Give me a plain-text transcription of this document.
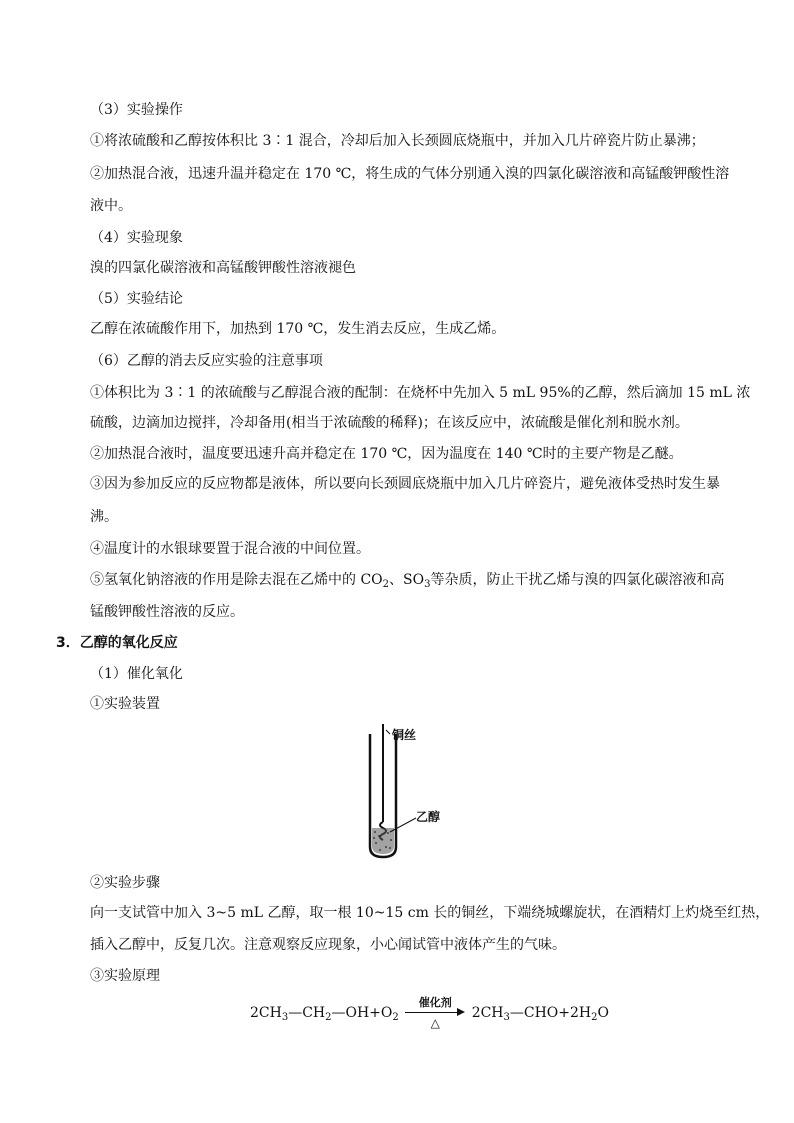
（3）实验操作
①将浓硫酸和乙醇按体积比 3∶1 混合，冷却后加入长颈圆底烧瓶中，并加入几片碎瓷片防止暴沸；
②加热混合液，迅速升温并稳定在 170 ℃，将生成的气体分别通入溴的四氯化碳溶液和高锰酸钾酸性溶
液中。
（4）实验现象
溴的四氯化碳溶液和高锰酸钾酸性溶液褪色
（5）实验结论
乙醇在浓硫酸作用下，加热到 170 ℃，发生消去反应，生成乙烯。
（6）乙醇的消去反应实验的注意事项
①体积比为 3∶1 的浓硫酸与乙醇混合液的配制：在烧杯中先加入 5 mL 95%的乙醇，然后滴加 15 mL 浓
硫酸，边滴加边搅拌，冷却备用(相当于浓硫酸的稀释)；在该反应中，浓硫酸是催化剂和脱水剂。
②加热混合液时，温度要迅速升高并稳定在 170 ℃，因为温度在 140 ℃时的主要产物是乙醚。
③因为参加反应的反应物都是液体，所以要向长颈圆底烧瓶中加入几片碎瓷片，避免液体受热时发生暴
沸。
④温度计的水银球要置于混合液的中间位置。
⑤氢氧化钠溶液的作用是除去混在乙烯中的 $CO_2$、$SO_3$等杂质，防止干扰乙烯与溴的四氯化碳溶液和高
锰酸钾酸性溶液的反应。
3．乙醇的氧化反应
（1）催化氧化
①实验装置
铜丝
乙醇
②实验步骤
向一支试管中加入 3~5 mL 乙醇，取一根 10~15 cm 长的铜丝，下端绕城螺旋状，在酒精灯上灼烧至红热，
插入乙醇中，反复几次。注意观察反应现象，小心闻试管中液体产生的气味。
③实验原理
$2CH_3—CH_2—OH+O_2$
催化剂
△
$2CH_3—CHO+2H_2O$
